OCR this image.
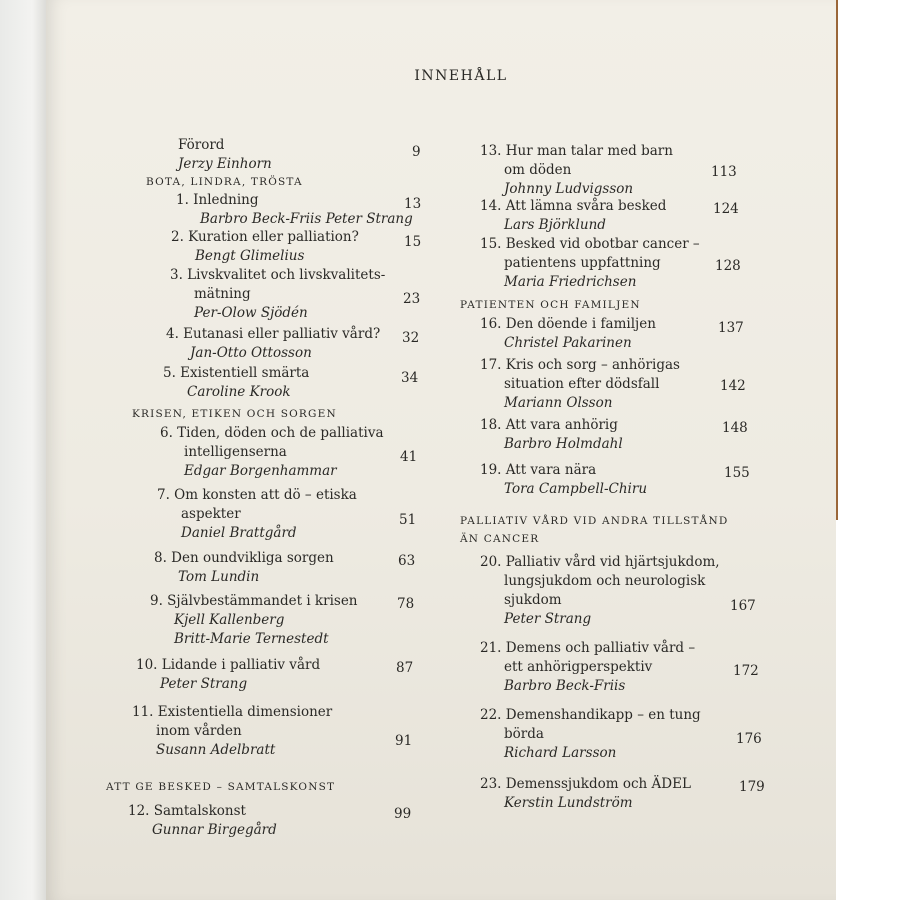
INNEHÅLL
Förord
Jerzy Einhorn
9
BOTA, LINDRA, TRÖSTA
1. Inledning
Barbro Beck-Friis Peter Strang
13
2. Kuration eller palliation?
Bengt Glimelius
15
3. Livskvalitet och livskvalitets-
mätning
Per-Olow Sjödén
23
4. Eutanasi eller palliativ vård?
Jan-Otto Ottosson
32
5. Existentiell smärta
Caroline Krook
34
KRISEN, ETIKEN OCH SORGEN
6. Tiden, döden och de palliativa
intelligenserna
Edgar Borgenhammar
41
7. Om konsten att dö – etiska
aspekter
Daniel Brattgård
51
8. Den oundvikliga sorgen
Tom Lundin
63
9. Självbestämmandet i krisen
Kjell Kallenberg
Britt-Marie Ternestedt
78
10. Lidande i palliativ vård
Peter Strang
87
11. Existentiella dimensioner
inom vården
Susann Adelbratt
91
ATT GE BESKED – SAMTALSKONST
12. Samtalskonst
Gunnar Birgegård
99
13. Hur man talar med barn
om döden
Johnny Ludvigsson
113
14. Att lämna svåra besked
Lars Björklund
124
15. Besked vid obotbar cancer –
patientens uppfattning
Maria Friedrichsen
128
PATIENTEN OCH FAMILJEN
16. Den döende i familjen
Christel Pakarinen
137
17. Kris och sorg – anhörigas
situation efter dödsfall
Mariann Olsson
142
18. Att vara anhörig
Barbro Holmdahl
148
19. Att vara nära
Tora Campbell-Chiru
155
PALLIATIV VÅRD VID ANDRA TILLSTÅND
ÄN CANCER
20. Palliativ vård vid hjärtsjukdom,
lungsjukdom och neurologisk
sjukdom
Peter Strang
167
21. Demens och palliativ vård –
ett anhörigperspektiv
Barbro Beck-Friis
172
22. Demenshandikapp – en tung
börda
Richard Larsson
176
23. Demenssjukdom och ÄDEL
Kerstin Lundström
179
